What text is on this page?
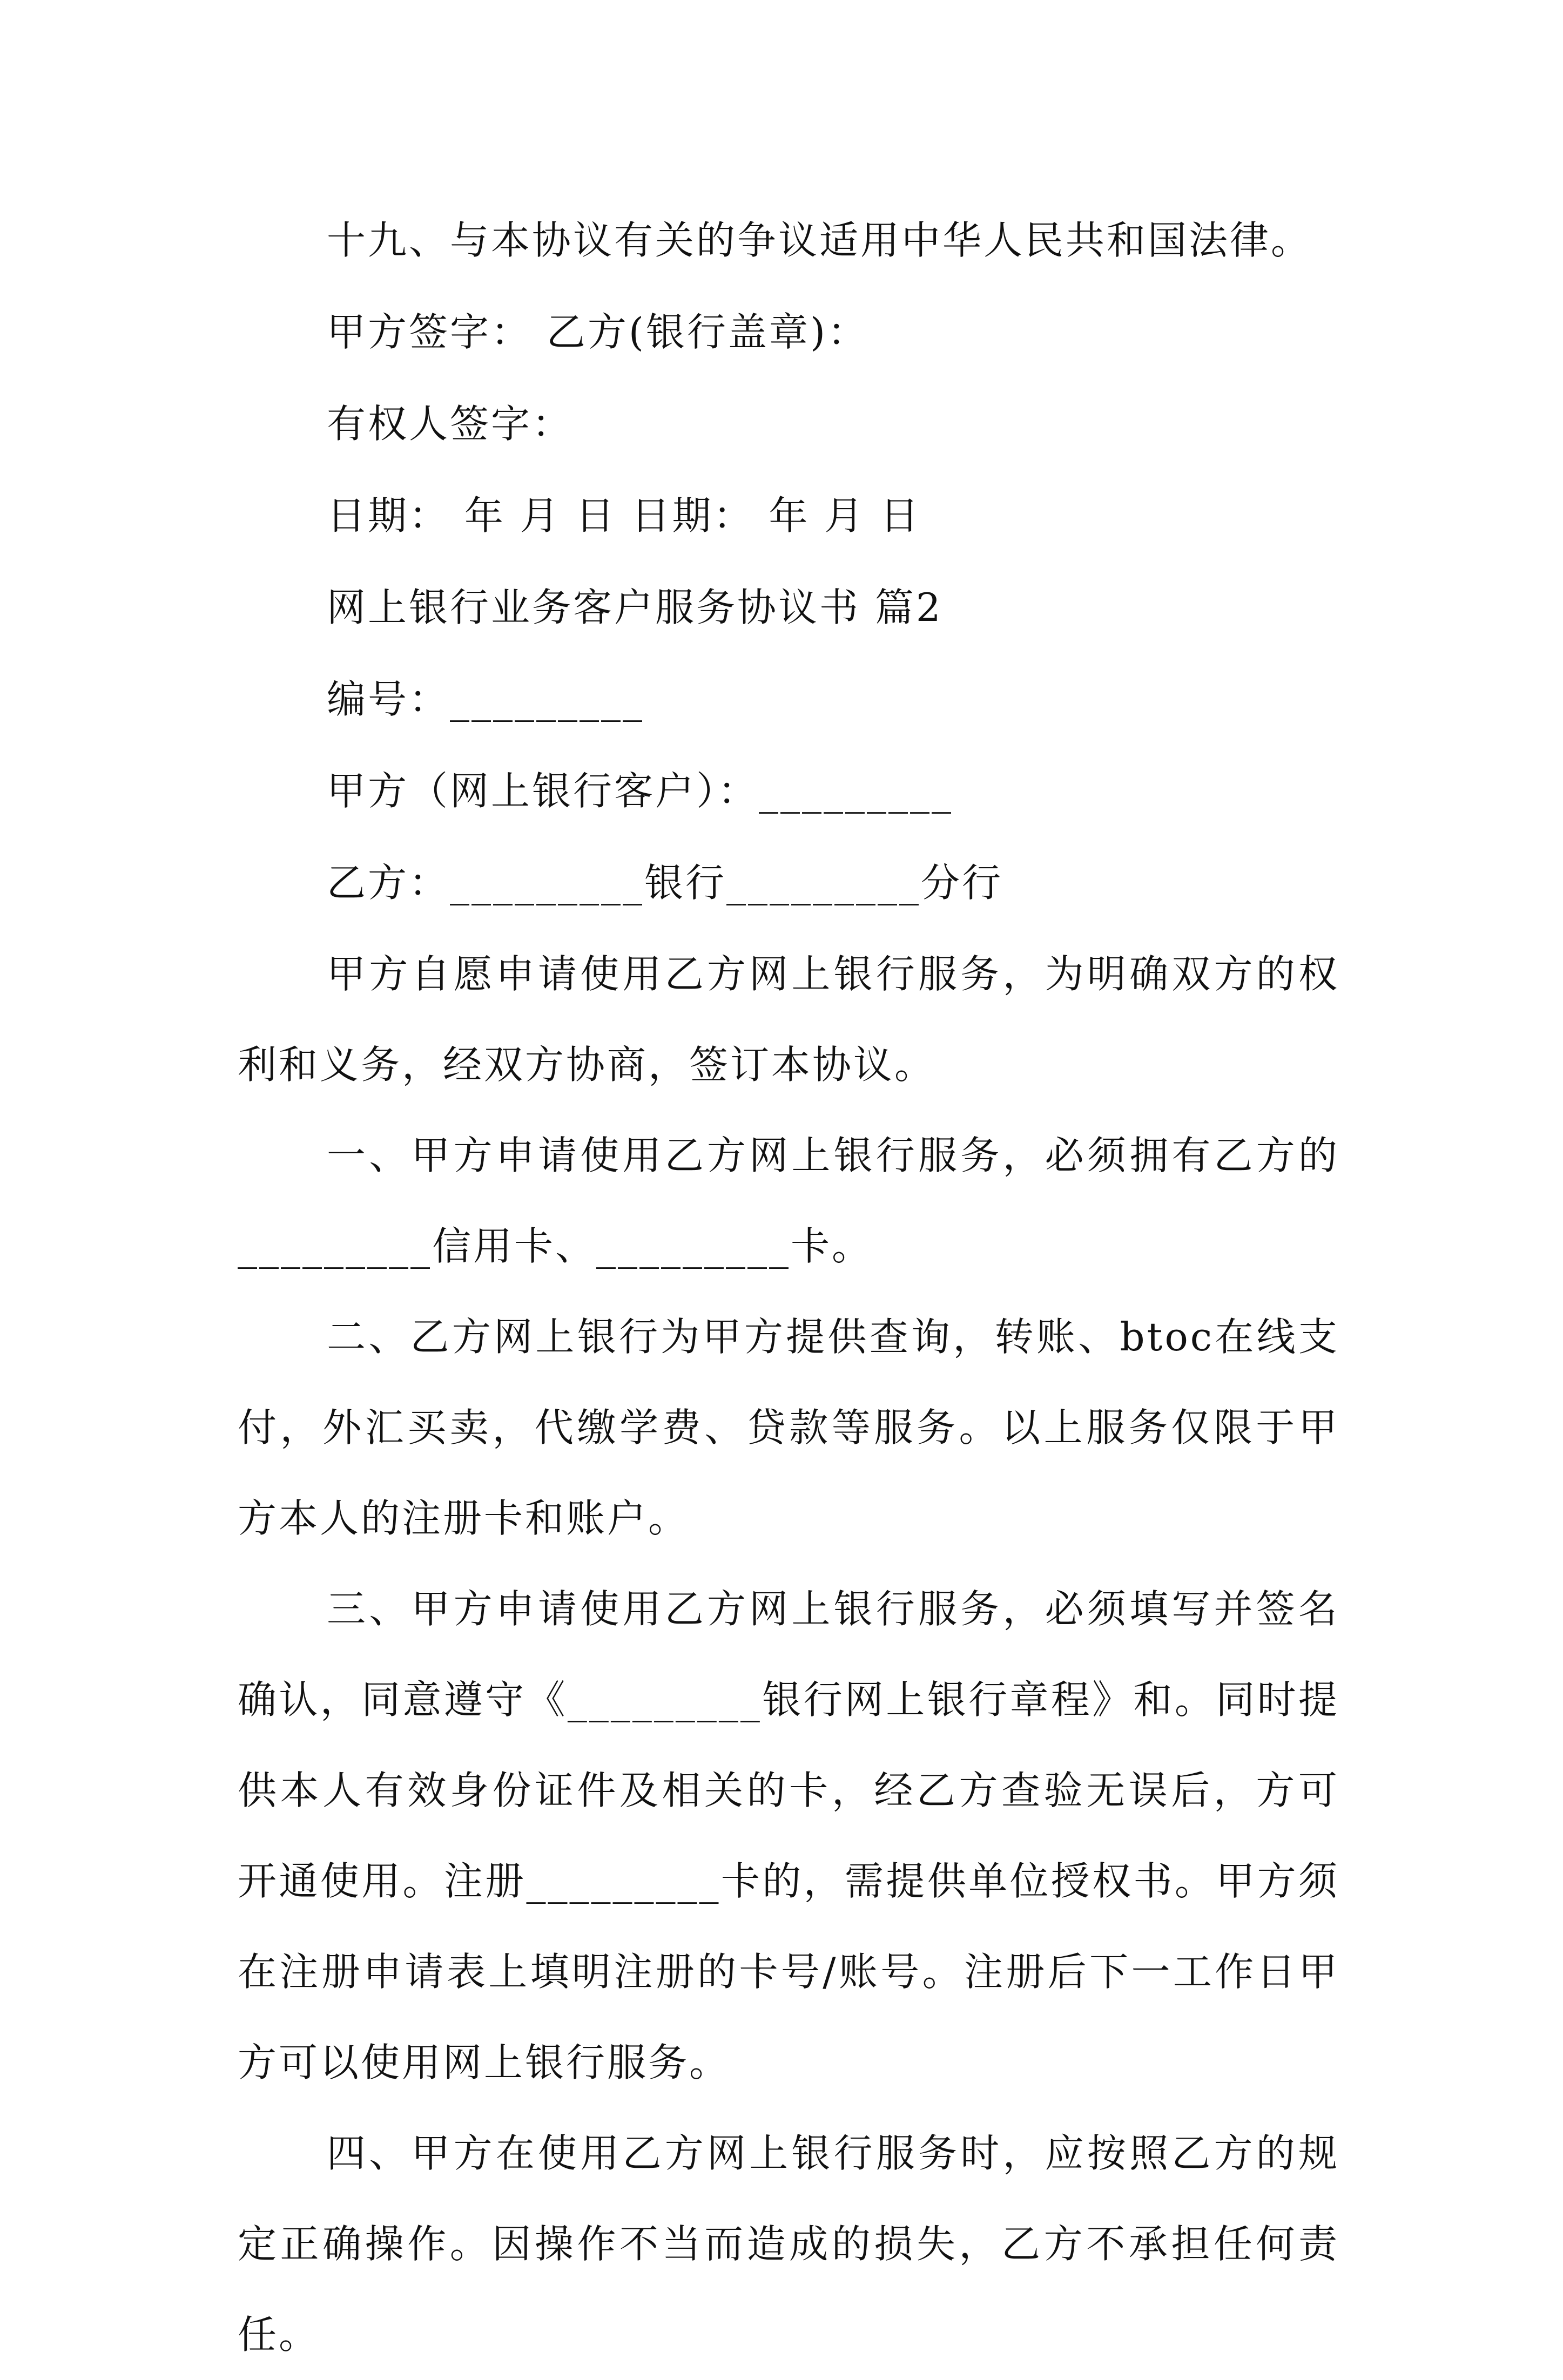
十九、与本协议有关的争议适用中华人民共和国法律。
甲方签字： 乙方(银行盖章)：
有权人签字：
日期： 年 月 日 日期： 年 月 日
网上银行业务客户服务协议书 篇2
编号：_________
甲方（网上银行客户）：_________
乙方：_________银行_________分行

甲方自愿申请使用乙方网上银行服务，为明确双方的权利和义务，经双方协商，签订本协议。

一、甲方申请使用乙方网上银行服务，必须拥有乙方的_________信用卡、_________卡。

二、乙方网上银行为甲方提供查询，转账、btoc在线支付，外汇买卖，代缴学费、贷款等服务。以上服务仅限于甲方本人的注册卡和账户。

三、甲方申请使用乙方网上银行服务，必须填写并签名确认，同意遵守《_________银行网上银行章程》和。同时提供本人有效身份证件及相关的卡，经乙方查验无误后，方可开通使用。注册_________卡的，需提供单位授权书。甲方须在注册申请表上填明注册的卡号/账号。注册后下一工作日甲方可以使用网上银行服务。

四、甲方在使用乙方网上银行服务时，应按照乙方的规定正确操作。因操作不当而造成的损失，乙方不承担任何责任。
